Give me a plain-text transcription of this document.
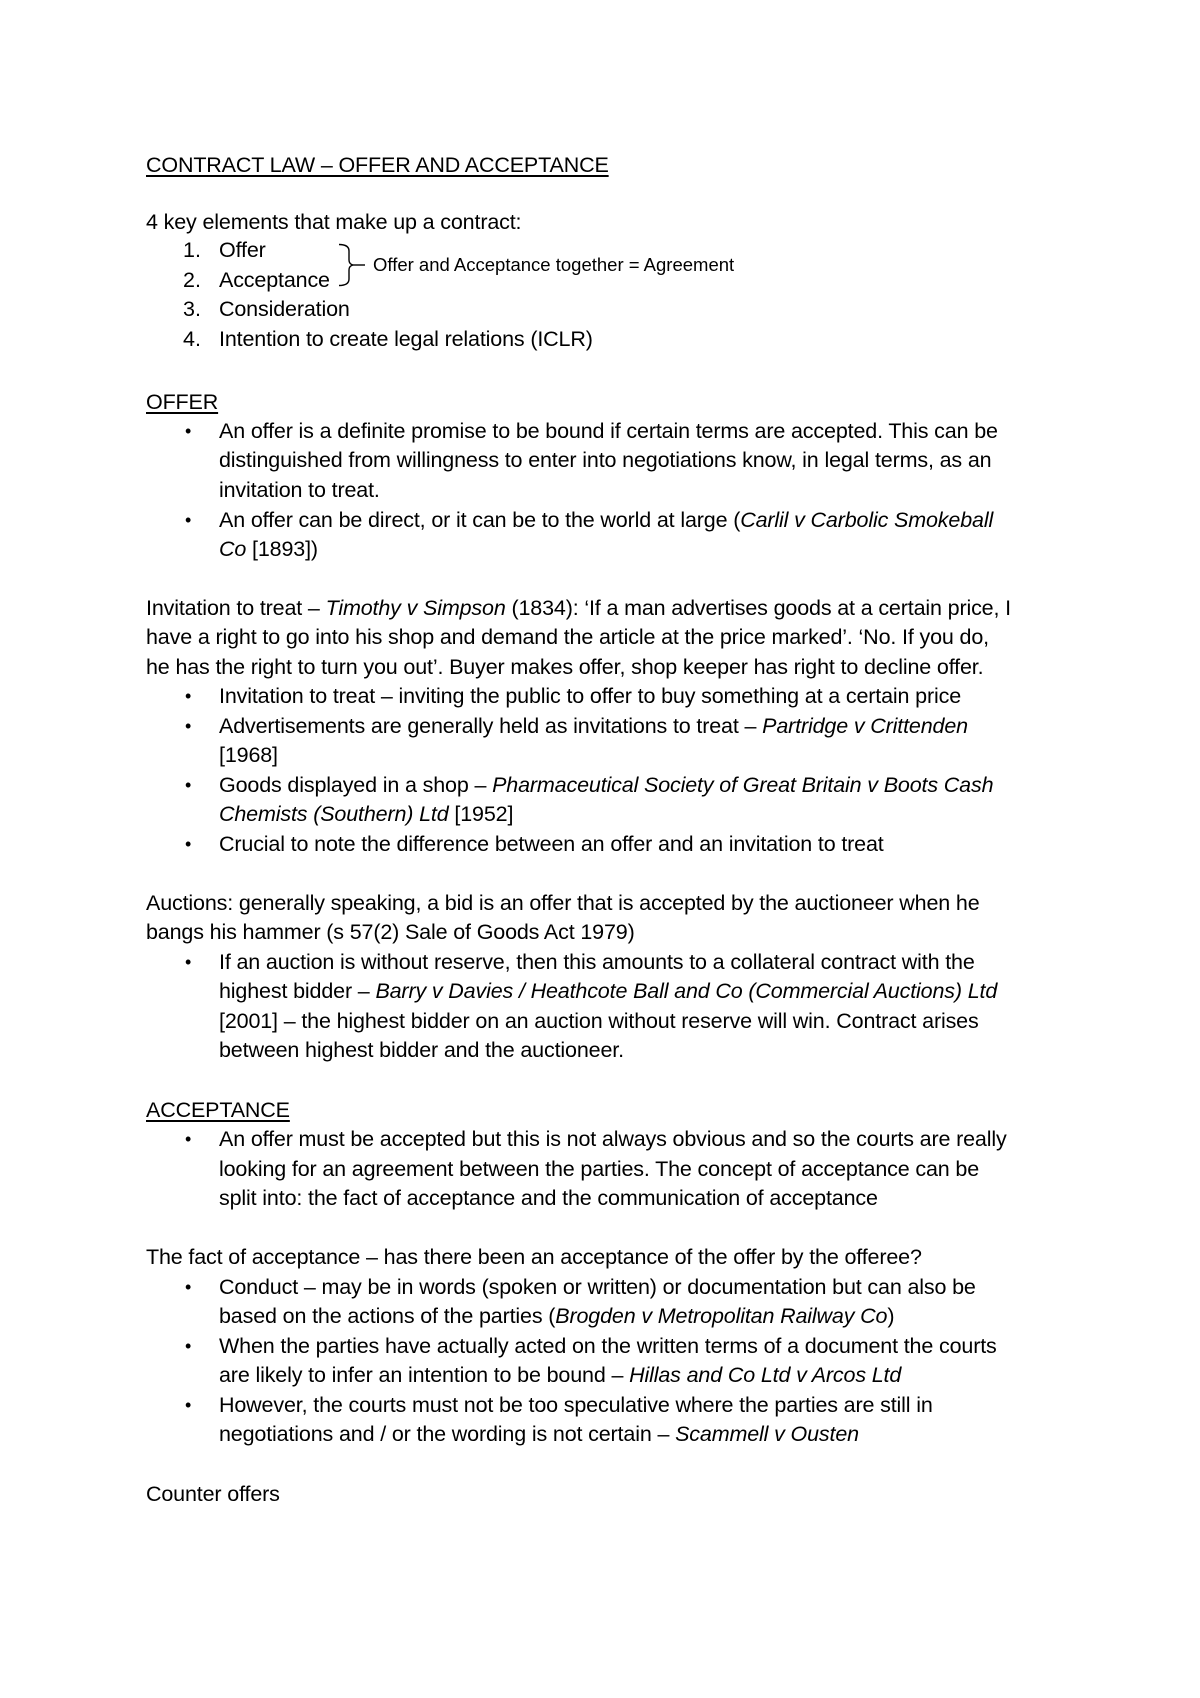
CONTRACT LAW – OFFER AND ACCEPTANCE
4 key elements that make up a contract:
1. Offer
2. Acceptance
3. Consideration
4. Intention to create legal relations (ICLR)
Offer and Acceptance together = Agreement
OFFER
• An offer is a definite promise to be bound if certain terms are accepted. This can be
distinguished from willingness to enter into negotiations know, in legal terms, as an
invitation to treat.
• An offer can be direct, or it can be to the world at large (Carlil v Carbolic Smokeball
Co [1893])
Invitation to treat – Timothy v Simpson (1834): ‘If a man advertises goods at a certain price, I
have a right to go into his shop and demand the article at the price marked’. ‘No. If you do,
he has the right to turn you out’. Buyer makes offer, shop keeper has right to decline offer.
• Invitation to treat – inviting the public to offer to buy something at a certain price
• Advertisements are generally held as invitations to treat – Partridge v Crittenden
[1968]
• Goods displayed in a shop – Pharmaceutical Society of Great Britain v Boots Cash
Chemists (Southern) Ltd [1952]
• Crucial to note the difference between an offer and an invitation to treat
Auctions: generally speaking, a bid is an offer that is accepted by the auctioneer when he
bangs his hammer (s 57(2) Sale of Goods Act 1979)
• If an auction is without reserve, then this amounts to a collateral contract with the
highest bidder – Barry v Davies / Heathcote Ball and Co (Commercial Auctions) Ltd
[2001] – the highest bidder on an auction without reserve will win. Contract arises
between highest bidder and the auctioneer.
ACCEPTANCE
• An offer must be accepted but this is not always obvious and so the courts are really
looking for an agreement between the parties. The concept of acceptance can be
split into: the fact of acceptance and the communication of acceptance
The fact of acceptance – has there been an acceptance of the offer by the offeree?
• Conduct – may be in words (spoken or written) or documentation but can also be
based on the actions of the parties (Brogden v Metropolitan Railway Co)
• When the parties have actually acted on the written terms of a document the courts
are likely to infer an intention to be bound – Hillas and Co Ltd v Arcos Ltd
• However, the courts must not be too speculative where the parties are still in
negotiations and / or the wording is not certain – Scammell v Ousten
Counter offers
